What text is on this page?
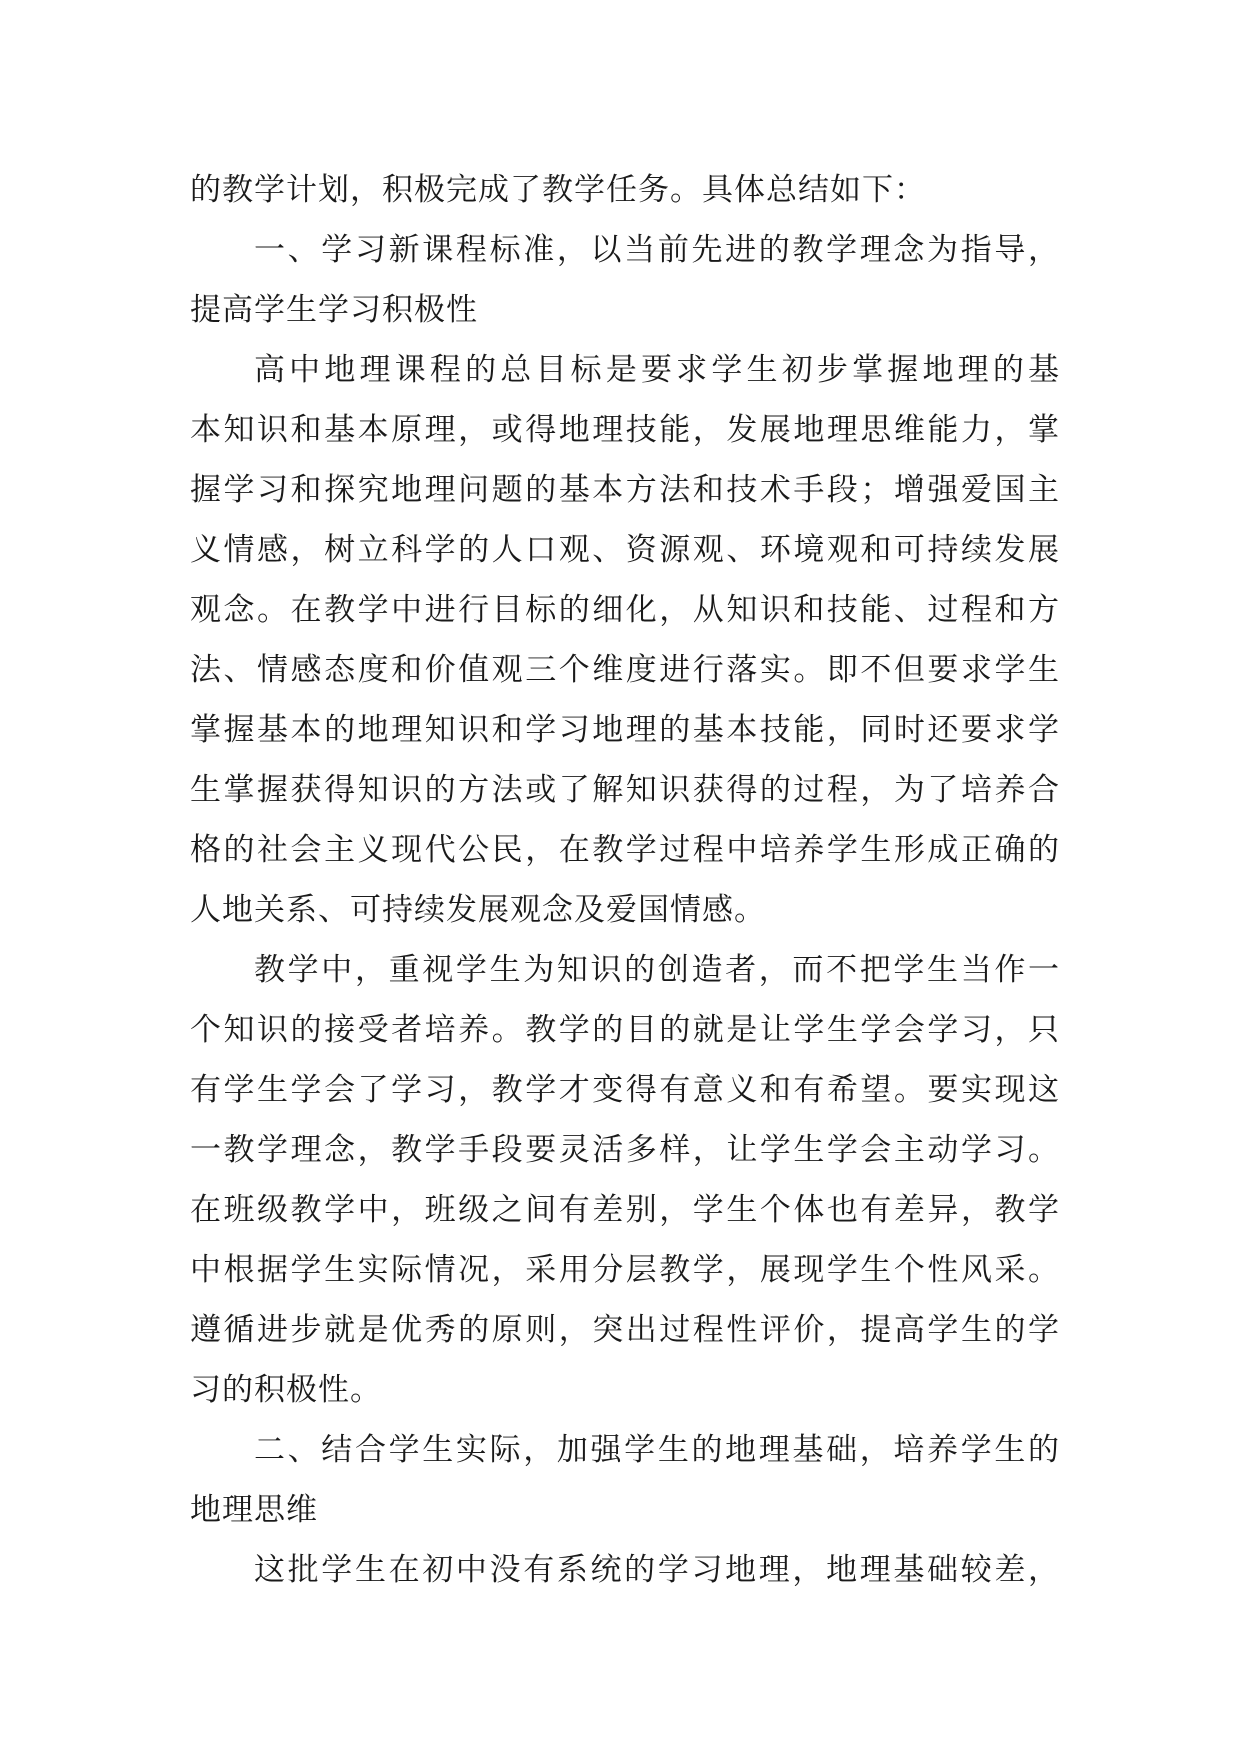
的教学计划，积极完成了教学任务。具体总结如下：
一、学习新课程标准，以当前先进的教学理念为指导，
提高学生学习积极性
高中地理课程的总目标是要求学生初步掌握地理的基
本知识和基本原理，或得地理技能，发展地理思维能力，掌
握学习和探究地理问题的基本方法和技术手段；增强爱国主
义情感，树立科学的人口观、资源观、环境观和可持续发展
观念。在教学中进行目标的细化，从知识和技能、过程和方
法、情感态度和价值观三个维度进行落实。即不但要求学生
掌握基本的地理知识和学习地理的基本技能，同时还要求学
生掌握获得知识的方法或了解知识获得的过程，为了培养合
格的社会主义现代公民，在教学过程中培养学生形成正确的
人地关系、可持续发展观念及爱国情感。
教学中，重视学生为知识的创造者，而不把学生当作一
个知识的接受者培养。教学的目的就是让学生学会学习，只
有学生学会了学习，教学才变得有意义和有希望。要实现这
一教学理念，教学手段要灵活多样，让学生学会主动学习。
在班级教学中，班级之间有差别，学生个体也有差异，教学
中根据学生实际情况，采用分层教学，展现学生个性风采。
遵循进步就是优秀的原则，突出过程性评价，提高学生的学
习的积极性。
二、结合学生实际，加强学生的地理基础，培养学生的
地理思维
这批学生在初中没有系统的学习地理，地理基础较差，
